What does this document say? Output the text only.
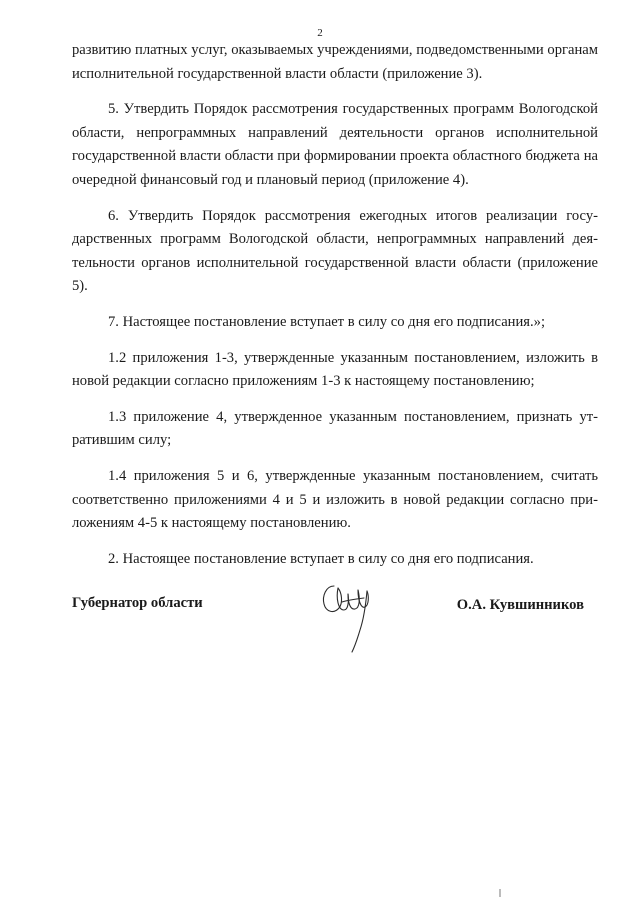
2

развитию платных услуг, оказываемых учреждениями, подведомственными органам исполнительной государственной власти области (приложение 3).

5. Утвердить Порядок рассмотрения государственных программ Вологодской области, непрограммных направлений деятельности органов исполнительной государственной власти области при формировании проекта областного бюджета на очередной финансовый год и плановый период (приложение 4).

6. Утвердить Порядок рассмотрения ежегодных итогов реализации государственных программ Вологодской области, непрограммных направлений деятельности органов исполнительной государственной власти области (приложение 5).

7. Настоящее постановление вступает в силу со дня его подписания.»;

1.2 приложения 1-3, утвержденные указанным постановлением, изложить в новой редакции согласно приложениям 1-3 к настоящему постановлению;

1.3 приложение 4, утвержденное указанным постановлением, признать утратившим силу;

1.4 приложения 5 и 6, утвержденные указанным постановлением, считать соответственно приложениями 4 и 5 и изложить в новой редакции согласно приложениям 4-5 к настоящему постановлению.

2. Настоящее постановление вступает в силу со дня его подписания.

Губернатор области	О.А. Кувшинников
